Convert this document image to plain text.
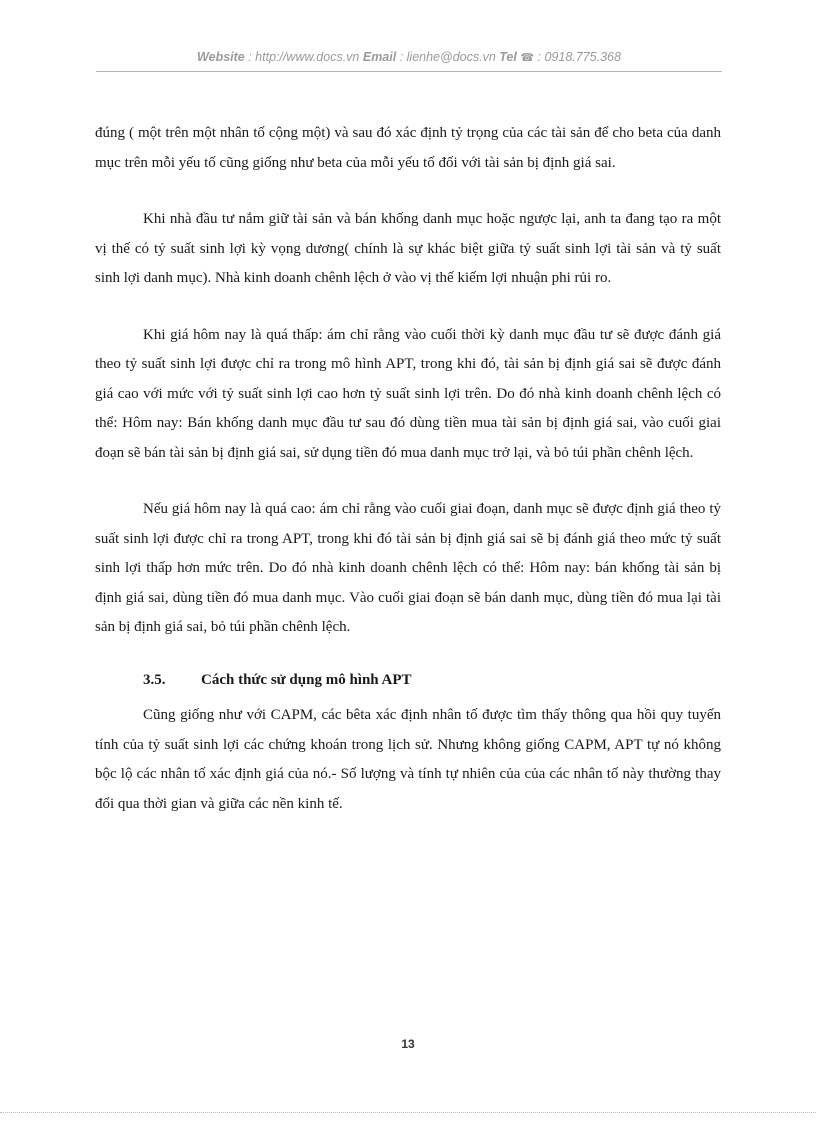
Website : http://www.docs.vn Email : lienhe@docs.vn Tel ☎ : 0918.775.368

đúng ( một trên một nhân tố cộng một) và sau đó xác định tỷ trọng của các tài sản để cho beta của danh mục trên mỗi yếu tố cũng giống như beta của mỗi yếu tố đối với tài sản bị định giá sai.

Khi nhà đầu tư nắm giữ tài sản và bán khống danh mục hoặc ngược lại, anh ta đang tạo ra một vị thế có tỷ suất sinh lợi kỳ vọng dương( chính là sự khác biệt giữa tỷ suất sinh lợi tài sản và tỷ suất sinh lợi danh mục). Nhà kinh doanh chênh lệch ở vào vị thế kiếm lợi nhuận phi rủi ro.

Khi giá hôm nay là quá thấp: ám chỉ rằng vào cuối thời kỳ danh mục đầu tư sẽ được đánh giá theo tỷ suất sinh lợi được chỉ ra trong mô hình APT, trong khi đó, tài sản bị định giá sai sẽ được đánh giá cao với mức với tỷ suất sinh lợi cao hơn tỷ suất sinh lợi trên. Do đó nhà kinh doanh chênh lệch có thể: Hôm nay: Bán khống danh mục đầu tư sau đó dùng tiền mua tài sản bị định giá sai, vào cuối giai đoạn sẽ bán tài sản bị định giá sai, sử dụng tiền đó mua danh mục trở lại, và bỏ túi phần chênh lệch.

Nếu giá hôm nay là quá cao: ám chỉ rằng vào cuối giai đoạn, danh mục sẽ được định giá theo tỷ suất sinh lợi được chỉ ra trong APT, trong khi đó tài sản bị định giá sai sẽ bị đánh giá theo mức tỷ suất sinh lợi thấp hơn mức trên. Do đó nhà kinh doanh chênh lệch có thể: Hôm nay: bán khống tài sản bị định giá sai, dùng tiền đó mua danh mục. Vào cuối giai đoạn sẽ bán danh mục, dùng tiền đó mua lại tài sản bị định giá sai, bỏ túi phần chênh lệch.

3.5. Cách thức sử dụng mô hình APT

Cũng giống như với CAPM, các bêta xác định nhân tố được tìm thấy thông qua hồi quy tuyến tính của tỷ suất sinh lợi các chứng khoán trong lịch sử. Nhưng không giống CAPM, APT tự nó không bộc lộ các nhân tố xác định giá của nó.- Số lượng và tính tự nhiên của của các nhân tố này thường thay đổi qua thời gian và giữa các nền kinh tế.

13
